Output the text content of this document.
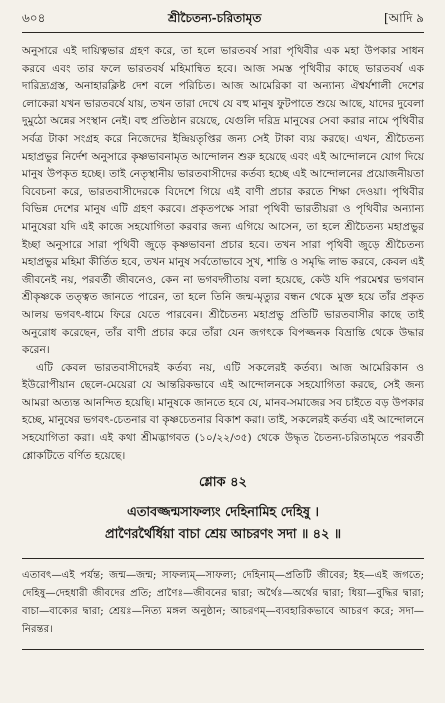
৬০৪	শ্রীচৈতন্য-চরিতামৃত	[আদি ৯

অনুসারে এই দায়িত্বভার গ্রহণ করে, তা হলে ভারতবর্ষ সারা পৃথিবীর এক মহা উপকার সাধন করবে এবং তার ফলে ভারতবর্ষ মহিমান্বিত হবে। আজ সমস্ত পৃথিবীর কাছে ভারতবর্ষ এক দারিদ্র্যগ্রস্ত, অনাহারক্লিষ্ট দেশ বলে পরিচিত। আজ আমেরিকা বা অন্যান্য ঐশ্বর্যশালী দেশের লোকেরা যখন ভারতবর্ষে যায়, তখন তারা দেখে যে বহু মানুষ ফুটপাতে শুয়ে আছে, যাদের দুবেলা দুমুঠো অন্নের সংস্থান নেই। বহু প্রতিষ্ঠান রয়েছে, যেগুলি দরিদ্র মানুষের সেবা করার নামে পৃথিবীর সর্বত্র টাকা সংগ্রহ করে নিজেদের ইন্দ্রিয়তৃপ্তির জন্য সেই টাকা ব্যয় করছে। এখন, শ্রীচৈতন্য মহাপ্রভুর নির্দেশ অনুসারে কৃষ্ণভাবনামৃত আন্দোলন শুরু হয়েছে এবং এই আন্দোলনে যোগ দিয়ে মানুষ উপকৃত হচ্ছে। তাই নেতৃস্থানীয় ভারতবাসীদের কর্তব্য হচ্ছে এই আন্দোলনের প্রয়োজনীয়তা বিবেচনা করে, ভারতবাসীদেরকে বিদেশে গিয়ে এই বাণী প্রচার করতে শিক্ষা দেওয়া। পৃথিবীর বিভিন্ন দেশের মানুষ এটি গ্রহণ করবে। প্রকৃতপক্ষে সারা পৃথিবী ভারতীয়রা ও পৃথিবীর অন্যান্য মানুষেরা যদি এই কাজে সহযোগিতা করবার জন্য এগিয়ে আসেন, তা হলে শ্রীচৈতন্য মহাপ্রভুর ইচ্ছা অনুসারে সারা পৃথিবী জুড়ে কৃষ্ণভাবনা প্রচার হবে। তখন সারা পৃথিবী জুড়ে শ্রীচৈতন্য মহাপ্রভুর মহিমা কীর্তিত হবে, তখন মানুষ সর্বতোভাবে সুখ, শান্তি ও সমৃদ্ধি লাভ করবে, কেবল এই জীবনেই নয়, পরবর্তী জীবনেও, কেন না ভগবদ্গীতায় বলা হয়েছে, কেউ যদি পরমেশ্বর ভগবান শ্রীকৃষ্ণকে তত্ত্বত জানতে পারেন, তা হলে তিনি জন্ম-মৃত্যুর বন্ধন থেকে মুক্ত হয়ে তাঁর প্রকৃত আলয় ভগবৎ-ধামে ফিরে যেতে পারবেন। শ্রীচৈতন্য মহাপ্রভু প্রতিটি ভারতবাসীর কাছে তাই অনুরোধ করেছেন, তাঁর বাণী প্রচার করে তাঁরা যেন জগৎকে বিপজ্জনক বিভ্রান্তি থেকে উদ্ধার করেন।

এটি কেবল ভারতবাসীদেরই কর্তব্য নয়, এটি সকলেরই কর্তব্য। আজ আমেরিকান ও ইউরোপীয়ান ছেলে-মেয়েরা যে আন্তরিকভাবে এই আন্দোলনকে সহযোগিতা করছে, সেই জন্য আমরা অত্যন্ত আনন্দিত হয়েছি। মানুষকে জানতে হবে যে, মানব-সমাজের সব চাইতে বড় উপকার হচ্ছে, মানুষের ভগবৎ-চেতনার বা কৃষ্ণচেতনার বিকাশ করা। তাই, সকলেরই কর্তব্য এই আন্দোলনে সহযোগিতা করা। এই কথা শ্রীমদ্ভাগবত (১০/২২/৩৫) থেকে উদ্ধৃত চৈতন্য-চরিতামৃতে পরবর্তী শ্লোকটিতে বর্ণিত হয়েছে।

শ্লোক ৪২

এতাবজ্জন্মসাফল্যং দেহিনামিহ দেহিষু ।

প্রাণৈরর্থৈর্ধিয়া বাচা শ্রেয় আচরণং সদা ॥ ৪২ ॥

এতাবৎ—এই পর্যন্ত; জন্ম—জন্ম; সাফল্যম্—সাফল্য; দেহিনাম্—প্রতিটি জীবের; ইহ—এই জগতে; দেহিষু—দেহধারী জীবদের প্রতি; প্রাণৈঃ—জীবনের দ্বারা; অর্থৈঃ—অর্থের দ্বারা; ধিয়া—বুদ্ধির দ্বারা; বাচা—বাক্যের দ্বারা; শ্রেয়ঃ—নিত্য মঙ্গল অনুষ্ঠান; আচরণম্—ব্যবহারিকভাবে আচরণ করে; সদা—নিরন্তর।
